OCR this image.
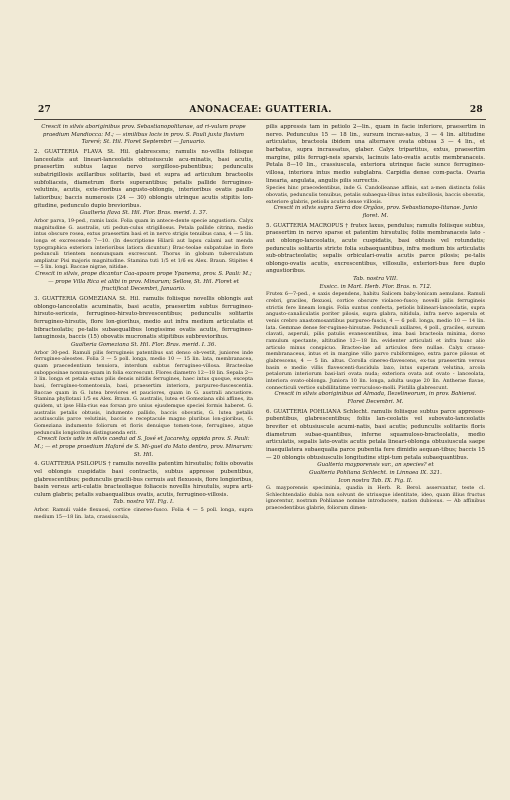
27	ANONACEAE: GUATTERIA.	28

Crescit in silvis aboriginibus prov. Sebastianopolitanae, ad ri-vulum prope praedium Mandiocca: M.; — similibus locis in prov. S. Pauli juxta fluvium Tareré; St. Hil. Floret Septembri — Januario.

2. GUATTERIA FLAVA St. Hil. glabrescens; ramulis no-vellis foliisque lanceolatis aut lineari-lanceolatis obtusiuscule acu-minatis, basi acutis, praesertim subtus laque nervo sorgilloso-pubentibus; pedunculis subatrigillosis axillaribus solitariis, basi et supra ad articulum bracteolis subfoliaceis, diametrum floris superantibus; petalis pallide ferrugineo-velutinis, acutis, exte-rioribus angusto-oblongis, interioribus ovatis paullo latioribus; baccis numerosis (24 — 30) oblongis utrinque acutis stipitis lon-gitudine, pedunculo dupio brevioribus.

Gualteria flava St. Hil. Flor. Bras. merid. I. 37.

Arbor parva, 19-ped., ramis laxis. Folia quam in antece-dente specie angustiora. Calyx magnitudine G. australis, uti pedun-culus strigillosus. Petala pallide citrina, medio intus obscure rosea, extus praesertim basi et in nervo strigis tenuibus cana, 4 — 5 lin. longa et excrescendo 7—10. (In descriptione Hilarii aut lapsu calami aut menda typographica exteriora interioribus latiora dicuntur.) Brac-teolae subpatulae in flore pedunculi trientem nonnunquam excrescunt. Thorus in globum tuberculatum ampliatur Pisi majoris magnitudine. Stamina tuti 1/5 et 1/6 ex Alex. Braun. Stipites 4 — 5 lin. longi. Baccae nigrae, nitidae.

Crescit in silvis, prope dicantur Caa-apoam prope Ypanema, prov. S. Pauli: M.; — prope Villa Rica et alibi in prov. Minarum; Sellow, St. Hil. Floret et fructificat Decembri, Januario.

3. GUATTERIA GOMEZIANA St. Hil. ramulis foliisque novellis oblongis aut oblongo-lanceolatis acuminatis, basi acutis, praesertim subtus ferrugineo-hirsuto-sericeis, ferrugineo-hirsuto-brevescentibus; pedunculis solitariis ferrugineo-hirsutis, flore lon-giorihus, medio aut infra medium articulatis et bibracteolatis; pe-talis subaequalibus longissime ovatis acutis, ferrugineo-lanuginosis, baccis (15) obovatis mucronatis stipitibus subbreviorihus.

Gualteria Gomeziana St. Hil. Flor. Bras. merid. I. 36.

Arbor 30-ped. Ramuli pilis ferrugineis patentibus sat denso ob-vestit, juniores inde ferrugineo-aleostes. Folia 3 — 5 poll. longa, medio 10 — 15 lin. lata, membranacea, quam praecedentium tenuiora, interdum subtus ferrugineo-villosa. Bracteolae subopposinae nonnun-quam in folia excrescunt. Flores diametro 12—18 lin. Sepala 2—3 lin. longa et petala extus pilis densis nitidis ferrugines, haec intus quoque, excepta basi, ferrugineo-tomentosula, basi, praesertim interiora, purpureo-fuscescentia. Baccae quam in G. lutea breviores et pauciores, quam in G. australi ancustiore. Stamina phyllotaxi 1/5 ex Alex. Braun. G. australis, lutea et Gomeziana sibi affines, ita quidem, ut ipse Hila-rius eas forsan pro unius ejusdemque speciei formis haberet. G. australis petalis obtusis, indumento pallido, baccis obovatis, G. lutea petalis acutiusculis parce velutinis, baccis e receptacule magno pluribus lon-gioribus, G. Gomeziana indumento foliorum et floris denuique tomen-tose, ferrugineo, atque pedunculis longioribus distinguenda erit.

Crescit locis udis in silvis caedui ad S. José et Jacarehy, oppida prov. S. Pauli: M.; — et prope praedium Hafaré de S. Mi-guel do Mato dentro, prov. Minarum: St. Hil.

4. GUATTERIA PSILOPUS † ramulis novellis patentim hirsutulis; foliis obovatis vel oblongis cuspidatis basi contractis, subtus appresse pubentibus, glabrescentibus; pedunculis gracili-bus cernuis aut flexuosis, flore longioribus, basin versus arti-culatis bracteolisque foliaceis novellis hirsutulis, supra arti-culum glabris; petalis subaequalibus ovatis, acutis, ferrugineo-villosis.

Tab. nostra VII. Fig. I.

Arbor. Ramuli valde flexuosi, cortice cinereo-fusco. Folia 4 — 5 poll. longa, supra medium 15—18 lin. lata, crassiuscula,

pilis appressis tam in petiolo 2—lin., quam in facie inferiore, praesertim in nervo. Pedunculus 15 — 18 lin., sursum incras-satus, 3 — 4 lin. altitudine articulatus, bracteola ibidem una alternave ovata obtusa 3 — 4 lin., et barbatus, supra incrassatus, glaber. Calyx tripartitus, extus, praesertim margine, pilis ferrugi-neis sparsis, lacinuis lato-ovatis acutis membranaceis. Petala 8—10 lin., crassiuscula, exteriora utrinque facie sunce ferrugineo-villosa, interiora intus medio subglabra. Carpidia dense com-pacta. Ovaria linearia, angulata, angulis pilis surrectis.

Species hinc praecedentibus, inde G. Candolleanae affinis, sat a-men distincta foliis obovatis, pedunculis tenuibus, petalis subaequa-libus intus subvillosis, baccis obovatis, exteriore glabris, petiolis acutis dense villosis.

Crescit in silvis supra Serra dos Orgãos, prov. Sebastianopo-litanae. Junio floret. M.

5. GUATTERIA MACROPUS † frutex laxus, pendulus; ramulis foliisque subtus, praesertim in nervo sparse et patentim hirsutulis; foliis membranaceis lato - aut oblongo-lanceolatis, acute cuspidatis, basi obtusis vel rotundatis; pedunculis solitariis stricte folia subaequantibus, infra medium bis articulatis sub-obtracteolatis; sepalis orbiculari-ovatis acutis parce pilosis; pe-talis oblongo-ovatis acutis, excrescentibus, villosulis, exteriori-bus fere duplo angustioribus.

Tab. nostra VIII.

Exsicc. in Mart. Herb. Flor. Bras. n. 712.

Frutex 6—7-ped., e saxis dependens, habitu Salicem baby-lonicam aemulans. Ramuli crebri, graciles, flexuosi, cortice obscure violaceo-fusco; novelli pilis ferrugineis strictis fere lineam longis. Folia suntus confecta, petiolis bilineari-lanceolatis, supra angusto-canaliculatis poriter pilosis, supra glabra, nitidula, infra nervo asperula et venis crebro anastomosantibus purpureo-fuscis, 4 — 6 poll. longa, medio 10 — 14 lin. lata. Gemmae dense fer-rugineo-hirsutae. Pedunculi axillares, 4 poll., graciles, sursum clavati, asperuli, pilis patulis evanescentibus, ima basi bracteola minima, dorso ramulum spectante, altitudine 12—18 lin. evidenter articulati et infra hunc alio articulo minus conspicuo. Bracteo-lae ad articulos fere nullae. Calyx crasso-membranaceus, intus et in margine villo parvo rubiformigeo, extra parce pilosus et glabrescens, 4 — 5 lin. altus. Corolla cinereo-flavescens, ex-tus praesertim versus basin e medio villis flavescenti-fuscidula laxo, intus superam velutina, arcola petalorum interiorum basi-lari ovata nuda; exteriora ovata aut ovato - lanceolata, interiora ovato-oblonga. Juniora 10 lin. longa, adulta usque 20 lin. Antherae flavae, connecticuli vertice subdilitatime verruculoso-molli. Pistilla glabrescunt.

Crescit in silvis aboriginibus ad Almada, Ilezelineorum, in prov. Bahiensi. Floret Decembri. M.

6. GUATTERIA POHLIANA Schlecht. ramulis foliisque subtus parce appresso-pubentibus, glabrescentibus; foliis lan-ceolatis vel subovato-lanceolatis breviter et obtusiuscule acumi-natis, basi acutis; pedunculis solitariis floris diametrum subae-quantibus, inferne squamuloso-bracteolatis, medio articulatis, sepalis lato-ovatis acutis petala lineari-oblonga obtusiuscula saepe inaequilatera subaequalia parce pubentia fere dimidio aequan-tibus; baccis 15 — 20 oblongis obtusiusculis longitudine stipi-tum petala subaequantibus.

Gualteria mayporensis var., an species? et

Gualteria Pohliana Schlecht. in Linnaea IX. 321.

Icon nostra Tab. IX. Fig. II.

G. mayporensis speciminia, quadia in Herb. R. Berol. asservantur, teste cl. Schlechtendalio dubia non solvunt de utriusque identitate, ideo, quam illius fructus ignorentur, nostram Pohlianae nomine introducere, nation dubiosus. — Ab affinibus praecedentibus glabrie, foliorum dimen-
